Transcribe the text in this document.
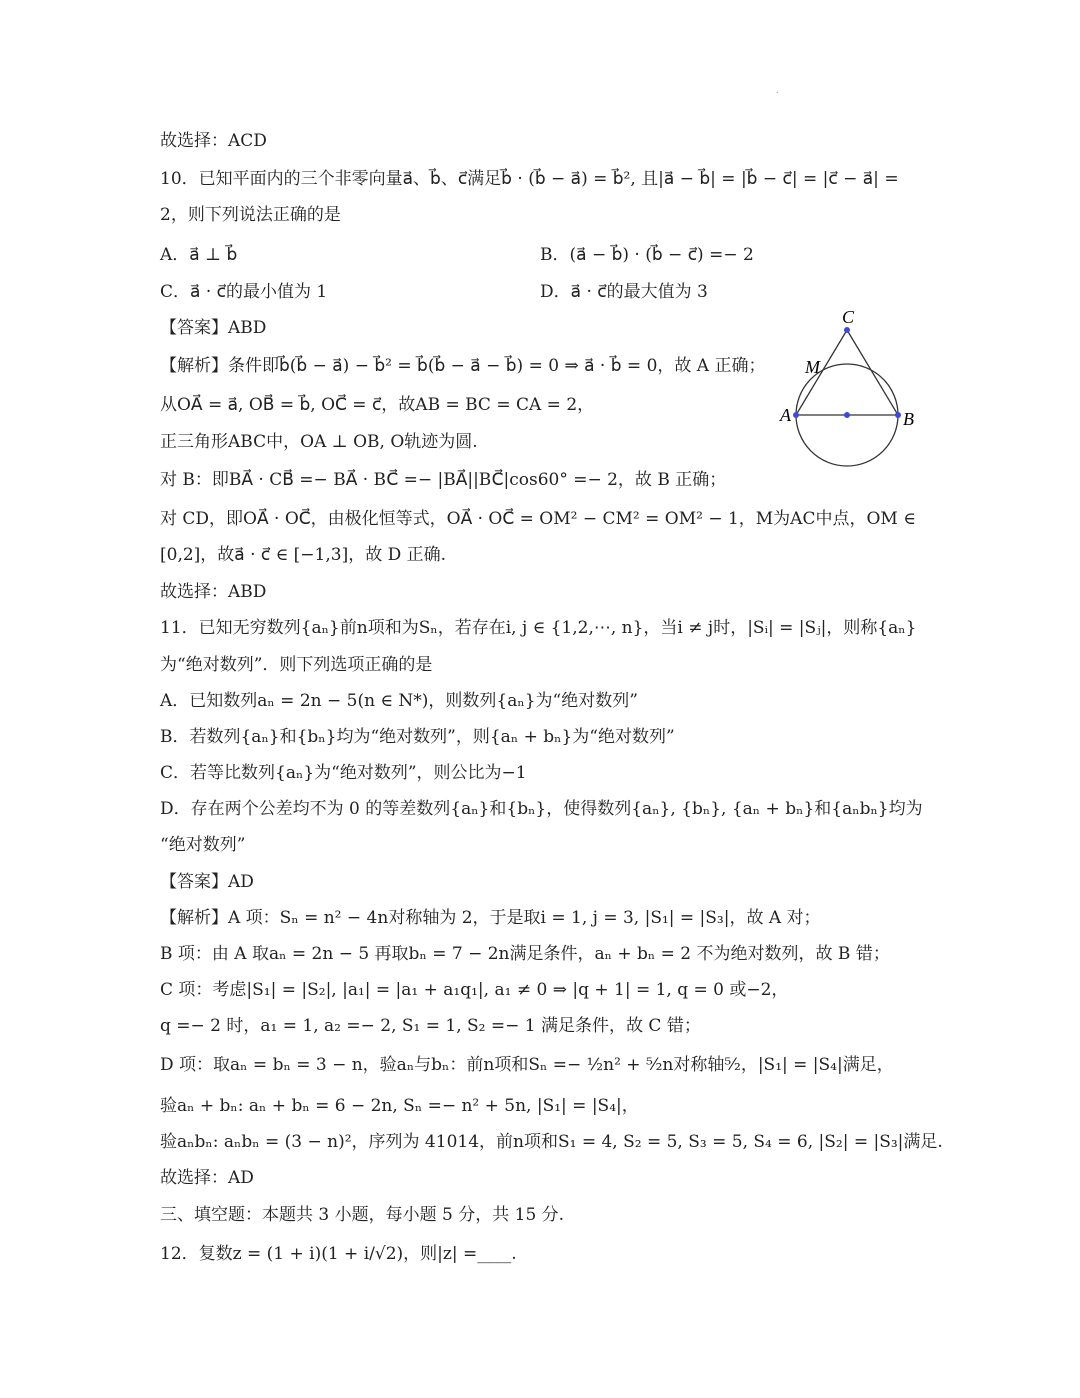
.
故选择：ACD
10．已知平面内的三个非零向量a⃗、b⃗、c⃗满足b⃗ · (b⃗ − a⃗) = b⃗², 且|a⃗ − b⃗| = |b⃗ − c⃗| = |c⃗ − a⃗| =
2，则下列说法正确的是
A．a⃗ ⊥ b⃗	B．(a⃗ − b⃗) · (b⃗ − c⃗) =− 2
C．a⃗ · c⃗的最小值为 1	D．a⃗ · c⃗的最大值为 3
【答案】ABD
【解析】条件即b⃗(b⃗ − a⃗) − b⃗² = b⃗(b⃗ − a⃗ − b⃗) = 0 ⇒ a⃗ · b⃗ = 0，故 A 正确；
从OA⃗ = a⃗, OB⃗ = b⃗, OC⃗ = c⃗，故AB = BC = CA = 2，
正三角形ABC中，OA ⊥ OB, O轨迹为圆.
对 B：即BA⃗ · CB⃗ =− BA⃗ · BC⃗ =− |BA⃗||BC⃗|cos60° =− 2，故 B 正确；
对 CD，即OA⃗ · OC⃗，由极化恒等式，OA⃗ · OC⃗ = OM² − CM² = OM² − 1，M为AC中点，OM ∈
[0,2]，故a⃗ · c⃗ ∈ [−1,3]，故 D 正确.
故选择：ABD
11．已知无穷数列{aₙ}前n项和为Sₙ，若存在i, j ∈ {1,2,⋯, n}，当i ≠ j时，|Sᵢ| = |Sⱼ|，则称{aₙ}
为“绝对数列”．则下列选项正确的是
A．已知数列aₙ = 2n − 5(n ∈ N*)，则数列{aₙ}为“绝对数列”
B．若数列{aₙ}和{bₙ}均为“绝对数列”，则{aₙ + bₙ}为“绝对数列”
C．若等比数列{aₙ}为“绝对数列”，则公比为−1
D．存在两个公差均不为 0 的等差数列{aₙ}和{bₙ}，使得数列{aₙ}, {bₙ}, {aₙ + bₙ}和{aₙbₙ}均为
“绝对数列”
【答案】AD
【解析】A 项：Sₙ = n² − 4n对称轴为 2，于是取i = 1, j = 3, |S₁| = |S₃|，故 A 对；
B 项：由 A 取aₙ = 2n − 5 再取bₙ = 7 − 2n满足条件，aₙ + bₙ = 2 不为绝对数列，故 B 错；
C 项：考虑|S₁| = |S₂|, |a₁| = |a₁ + a₁q₁|, a₁ ≠ 0 ⇒ |q + 1| = 1, q = 0 或−2，
q =− 2 时，a₁ = 1, a₂ =− 2, S₁ = 1, S₂ =− 1 满足条件，故 C 错；
D 项：取aₙ = bₙ = 3 − n，验aₙ与bₙ：前n项和Sₙ =− ½n² + ⁵⁄₂n对称轴⁵⁄₂，|S₁| = |S₄|满足，
验aₙ + bₙ: aₙ + bₙ = 6 − 2n, Sₙ =− n² + 5n, |S₁| = |S₄|，
验aₙbₙ: aₙbₙ = (3 − n)²，序列为 41014，前n项和S₁ = 4, S₂ = 5, S₃ = 5, S₄ = 6, |S₂| = |S₃|满足.
故选择：AD
三、填空题：本题共 3 小题，每小题 5 分，共 15 分.
12．复数z = (1 + i)(1 + i/√2)，则|z| =____.
C
M
A	B
